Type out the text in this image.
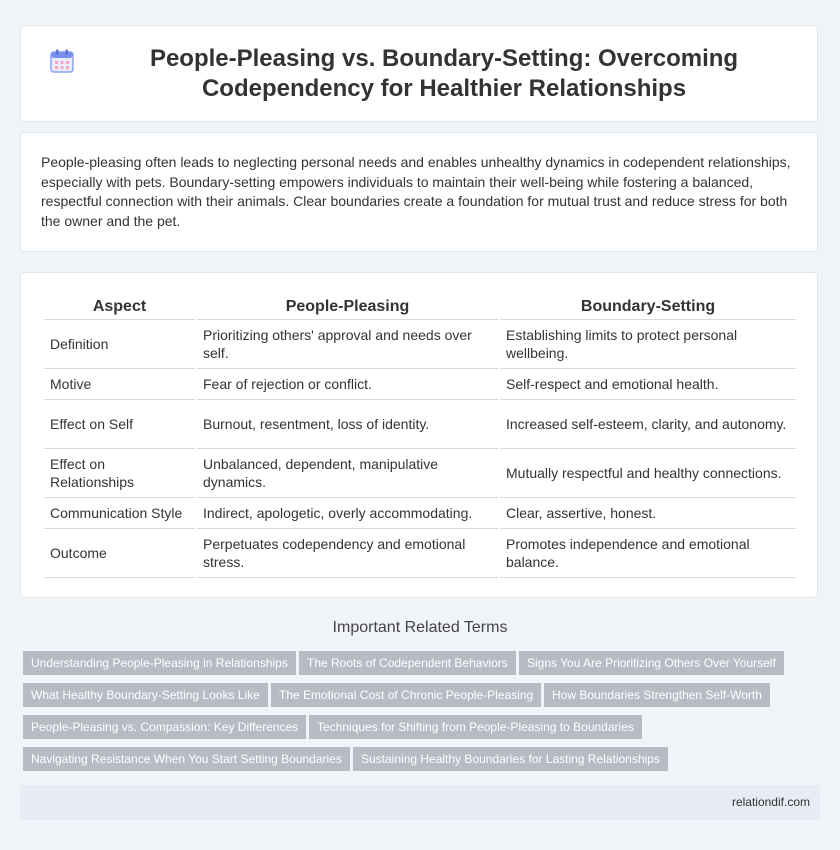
People-Pleasing vs. Boundary-Setting: Overcoming Codependency for Healthier Relationships

People-pleasing often leads to neglecting personal needs and enables unhealthy dynamics in codependent relationships, especially with pets. Boundary-setting empowers individuals to maintain their well-being while fostering a balanced, respectful connection with their animals. Clear boundaries create a foundation for mutual trust and reduce stress for both the owner and the pet.

Aspect	People-Pleasing	Boundary-Setting
Definition	Prioritizing others' approval and needs over self.	Establishing limits to protect personal wellbeing.
Motive	Fear of rejection or conflict.	Self-respect and emotional health.
Effect on Self	Burnout, resentment, loss of identity.	Increased self-esteem, clarity, and autonomy.
Effect on Relationships	Unbalanced, dependent, manipulative dynamics.	Mutually respectful and healthy connections.
Communication Style	Indirect, apologetic, overly accommodating.	Clear, assertive, honest.
Outcome	Perpetuates codependency and emotional stress.	Promotes independence and emotional balance.
Important Related Terms
Understanding People-Pleasing in Relationships	The Roots of Codependent Behaviors	Signs You Are Prioritizing Others Over Yourself
What Healthy Boundary-Setting Looks Like	The Emotional Cost of Chronic People-Pleasing	How Boundaries Strengthen Self-Worth
People-Pleasing vs. Compassion: Key Differences	Techniques for Shifting from People-Pleasing to Boundaries
Navigating Resistance When You Start Setting Boundaries	Sustaining Healthy Boundaries for Lasting Relationships
relationdif.com
